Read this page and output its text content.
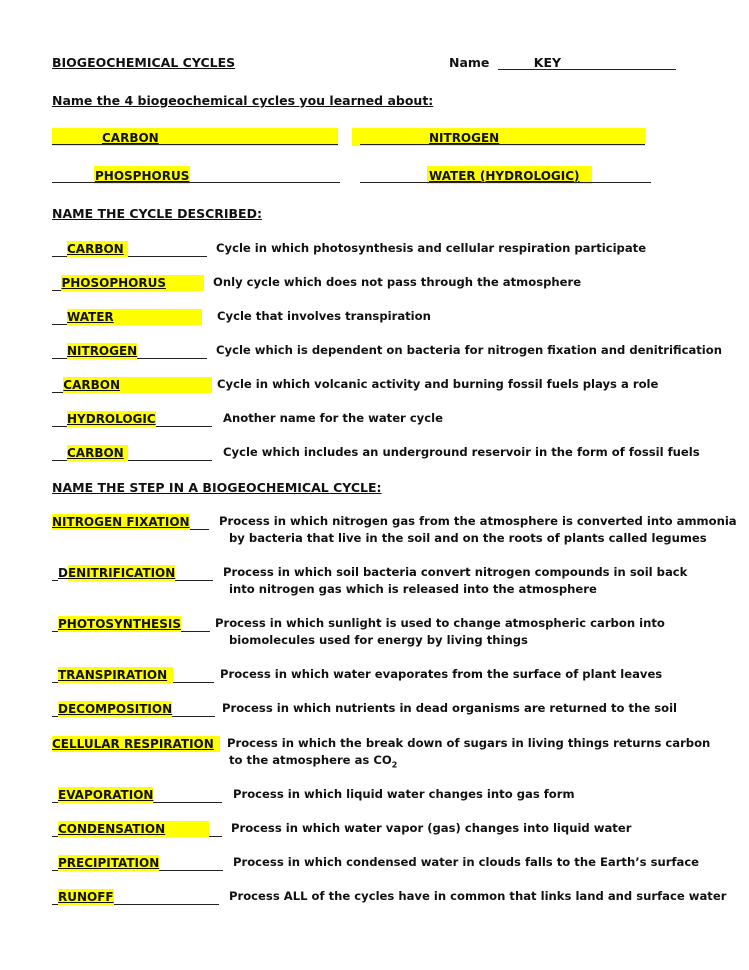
BIOGEOCHEMICAL CYCLES	Name	KEY
Name the 4 biogeochemical cycles you learned about:
CARBON	NITROGEN
PHOSPHORUS	WATER (HYDROLOGIC)
NAME THE CYCLE DESCRIBED:
CARBON	Cycle in which photosynthesis and cellular respiration participate
PHOSOPHORUS	Only cycle which does not pass through the atmosphere
WATER	Cycle that involves transpiration
NITROGEN	Cycle which is dependent on bacteria for nitrogen fixation and denitrification
CARBON	Cycle in which volcanic activity and burning fossil fuels plays a role
HYDROLOGIC	Another name for the water cycle
CARBON	Cycle which includes an underground reservoir in the form of fossil fuels
NAME THE STEP IN A BIOGEOCHEMICAL CYCLE:
NITROGEN FIXATION	Process in which nitrogen gas from the atmosphere is converted into ammonia
by bacteria that live in the soil and on the roots of plants called legumes
D ENITRIFICATION	Process in which soil bacteria convert nitrogen compounds in soil back
into nitrogen gas which is released into the atmosphere
PHOTOSYNTHESIS	Process in which sunlight is used to change atmospheric carbon into
biomolecules used for energy by living things
TRANSPIRATION	Process in which water evaporates from the surface of plant leaves
DECOMPOSITION	Process in which nutrients in dead organisms are returned to the soil
CELLULAR RESPIRATION	Process in which the break down of sugars in living things returns carbon
to the atmosphere as $CO_2$
EVAPORATION	Process in which liquid water changes into gas form
CONDENSATION	Process in which water vapor (gas) changes into liquid water
PRECIPITATION	Process in which condensed water in clouds falls to the Earth’s surface
RUNOFF	Process ALL of the cycles have in common that links land and surface water
